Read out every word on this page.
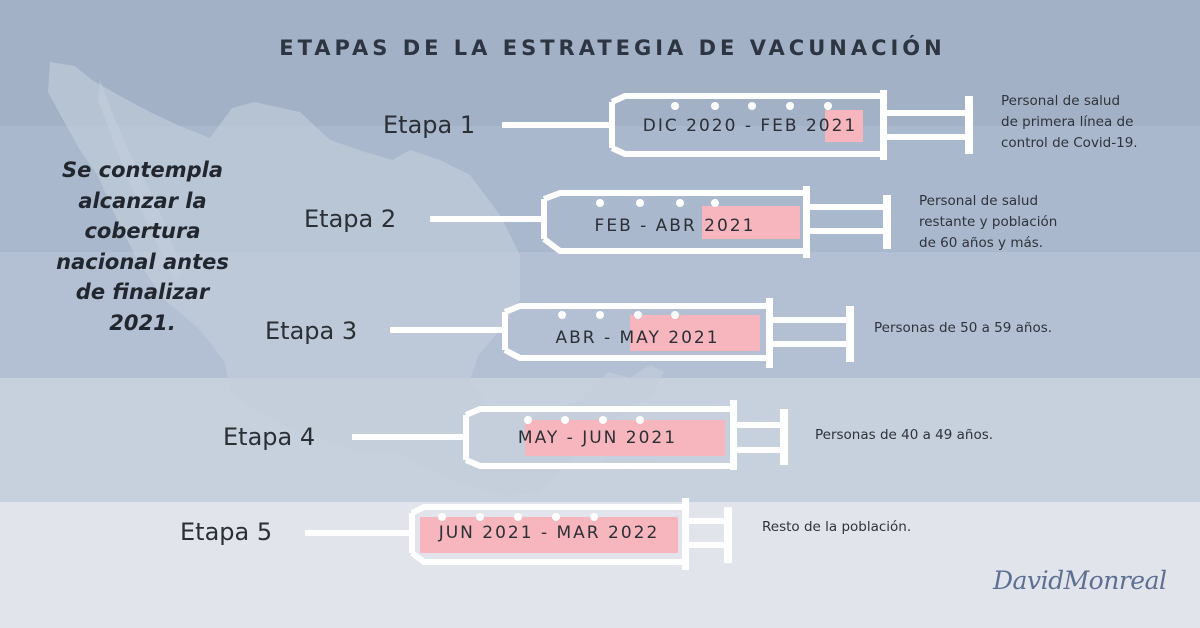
ETAPAS DE LA ESTRATEGIA DE VACUNACIÓN
Se contempla
alcanzar la
cobertura
nacional antes
de finalizar
2021.
Etapa 1
Etapa 2
Etapa 3
Etapa 4
Etapa 5
DIC 2020 - FEB 2021
FEB - ABR 2021
ABR - MAY 2021
MAY - JUN 2021
JUN 2021 - MAR 2022
Personal de salud
de primera línea de
control de Covid-19.
Personal de salud
restante y población
de 60 años y más.
Personas de 50 a 59 años.
Personas de 40 a 49 años.
Resto de la población.
DavidMonreal
